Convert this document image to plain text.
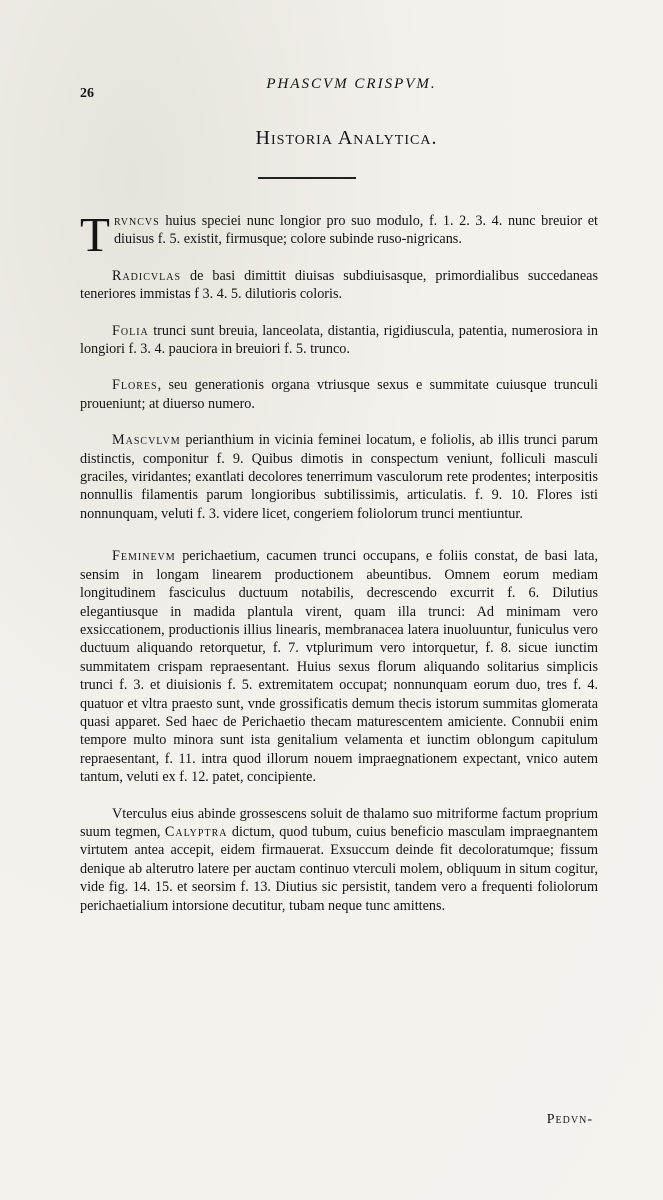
26
PHASCVM CRISPVM.
Historia Analytica.

Trvncvs huius speciei nunc longior pro suo modulo, f. 1. 2. 3. 4. nunc breuior et diuisus f. 5. existit, firmusque; colore subinde ruso-nigricans.

Radicvlas de basi dimittit diuisas subdiuisasque, primordialibus succedaneas teneriores immistas f 3. 4. 5. dilutioris coloris.

Folia trunci sunt breuia, lanceolata, distantia, rigidiuscula, patentia, numerosiora in longiori f. 3. 4. pauciora in breuiori f. 5. trunco.

Flores, seu generationis organa vtriusque sexus e summitate cuiusque trunculi proueniunt; at diuerso numero.

Mascvlvm perianthium in vicinia feminei locatum, e foliolis, ab illis trunci parum distinctis, componitur f. 9. Quibus dimotis in conspectum veniunt, folliculi masculi graciles, viridantes; exantlati decolores tenerrimum vasculorum rete prodentes; interpositis nonnullis filamentis parum longioribus subtilissimis, articulatis. f. 9. 10. Flores isti nonnunquam, veluti f. 3. videre licet, congeriem foliolorum trunci mentiuntur.

Feminevm perichaetium, cacumen trunci occupans, e foliis constat, de basi lata, sensim in longam linearem productionem abeuntibus. Omnem eorum mediam longitudinem fasciculus ductuum notabilis, decrescendo excurrit f. 6. Dilutius elegantiusque in madida plantula virent, quam illa trunci: Ad minimam vero exsiccationem, productionis illius linearis, membranacea latera inuoluuntur, funiculus vero ductuum aliquando retorquetur, f. 7. vtplurimum vero intorquetur, f. 8. sicue iunctim summitatem crispam repraesentant. Huius sexus florum aliquando solitarius simplicis trunci f. 3. et diuisionis f. 5. extremitatem occupat; nonnunquam eorum duo, tres f. 4. quatuor et vltra praesto sunt, vnde grossificatis demum thecis istorum summitas glomerata quasi apparet. Sed haec de Perichaetio thecam maturescentem amiciente. Connubii enim tempore multo minora sunt ista genitalium velamenta et iunctim oblongum capitulum repraesentant, f. 11. intra quod illorum nouem impraegnationem expectant, vnico autem tantum, veluti ex f. 12. patet, concipiente.

Vterculus eius abinde grossescens soluit de thalamo suo mitriforme factum proprium suum tegmen, Calyptra dictum, quod tubum, cuius beneficio masculam impraegnantem virtutem antea accepit, eidem firmauerat. Exsuccum deinde fit decoloratumque; fissum denique ab alterutro latere per auctam continuo vterculi molem, obliquum in situm cogitur, vide fig. 14. 15. et seorsim f. 13. Diutius sic persistit, tandem vero a frequenti foliolorum perichaetialium intorsione decutitur, tubam neque tunc amittens.

Pedvn-
